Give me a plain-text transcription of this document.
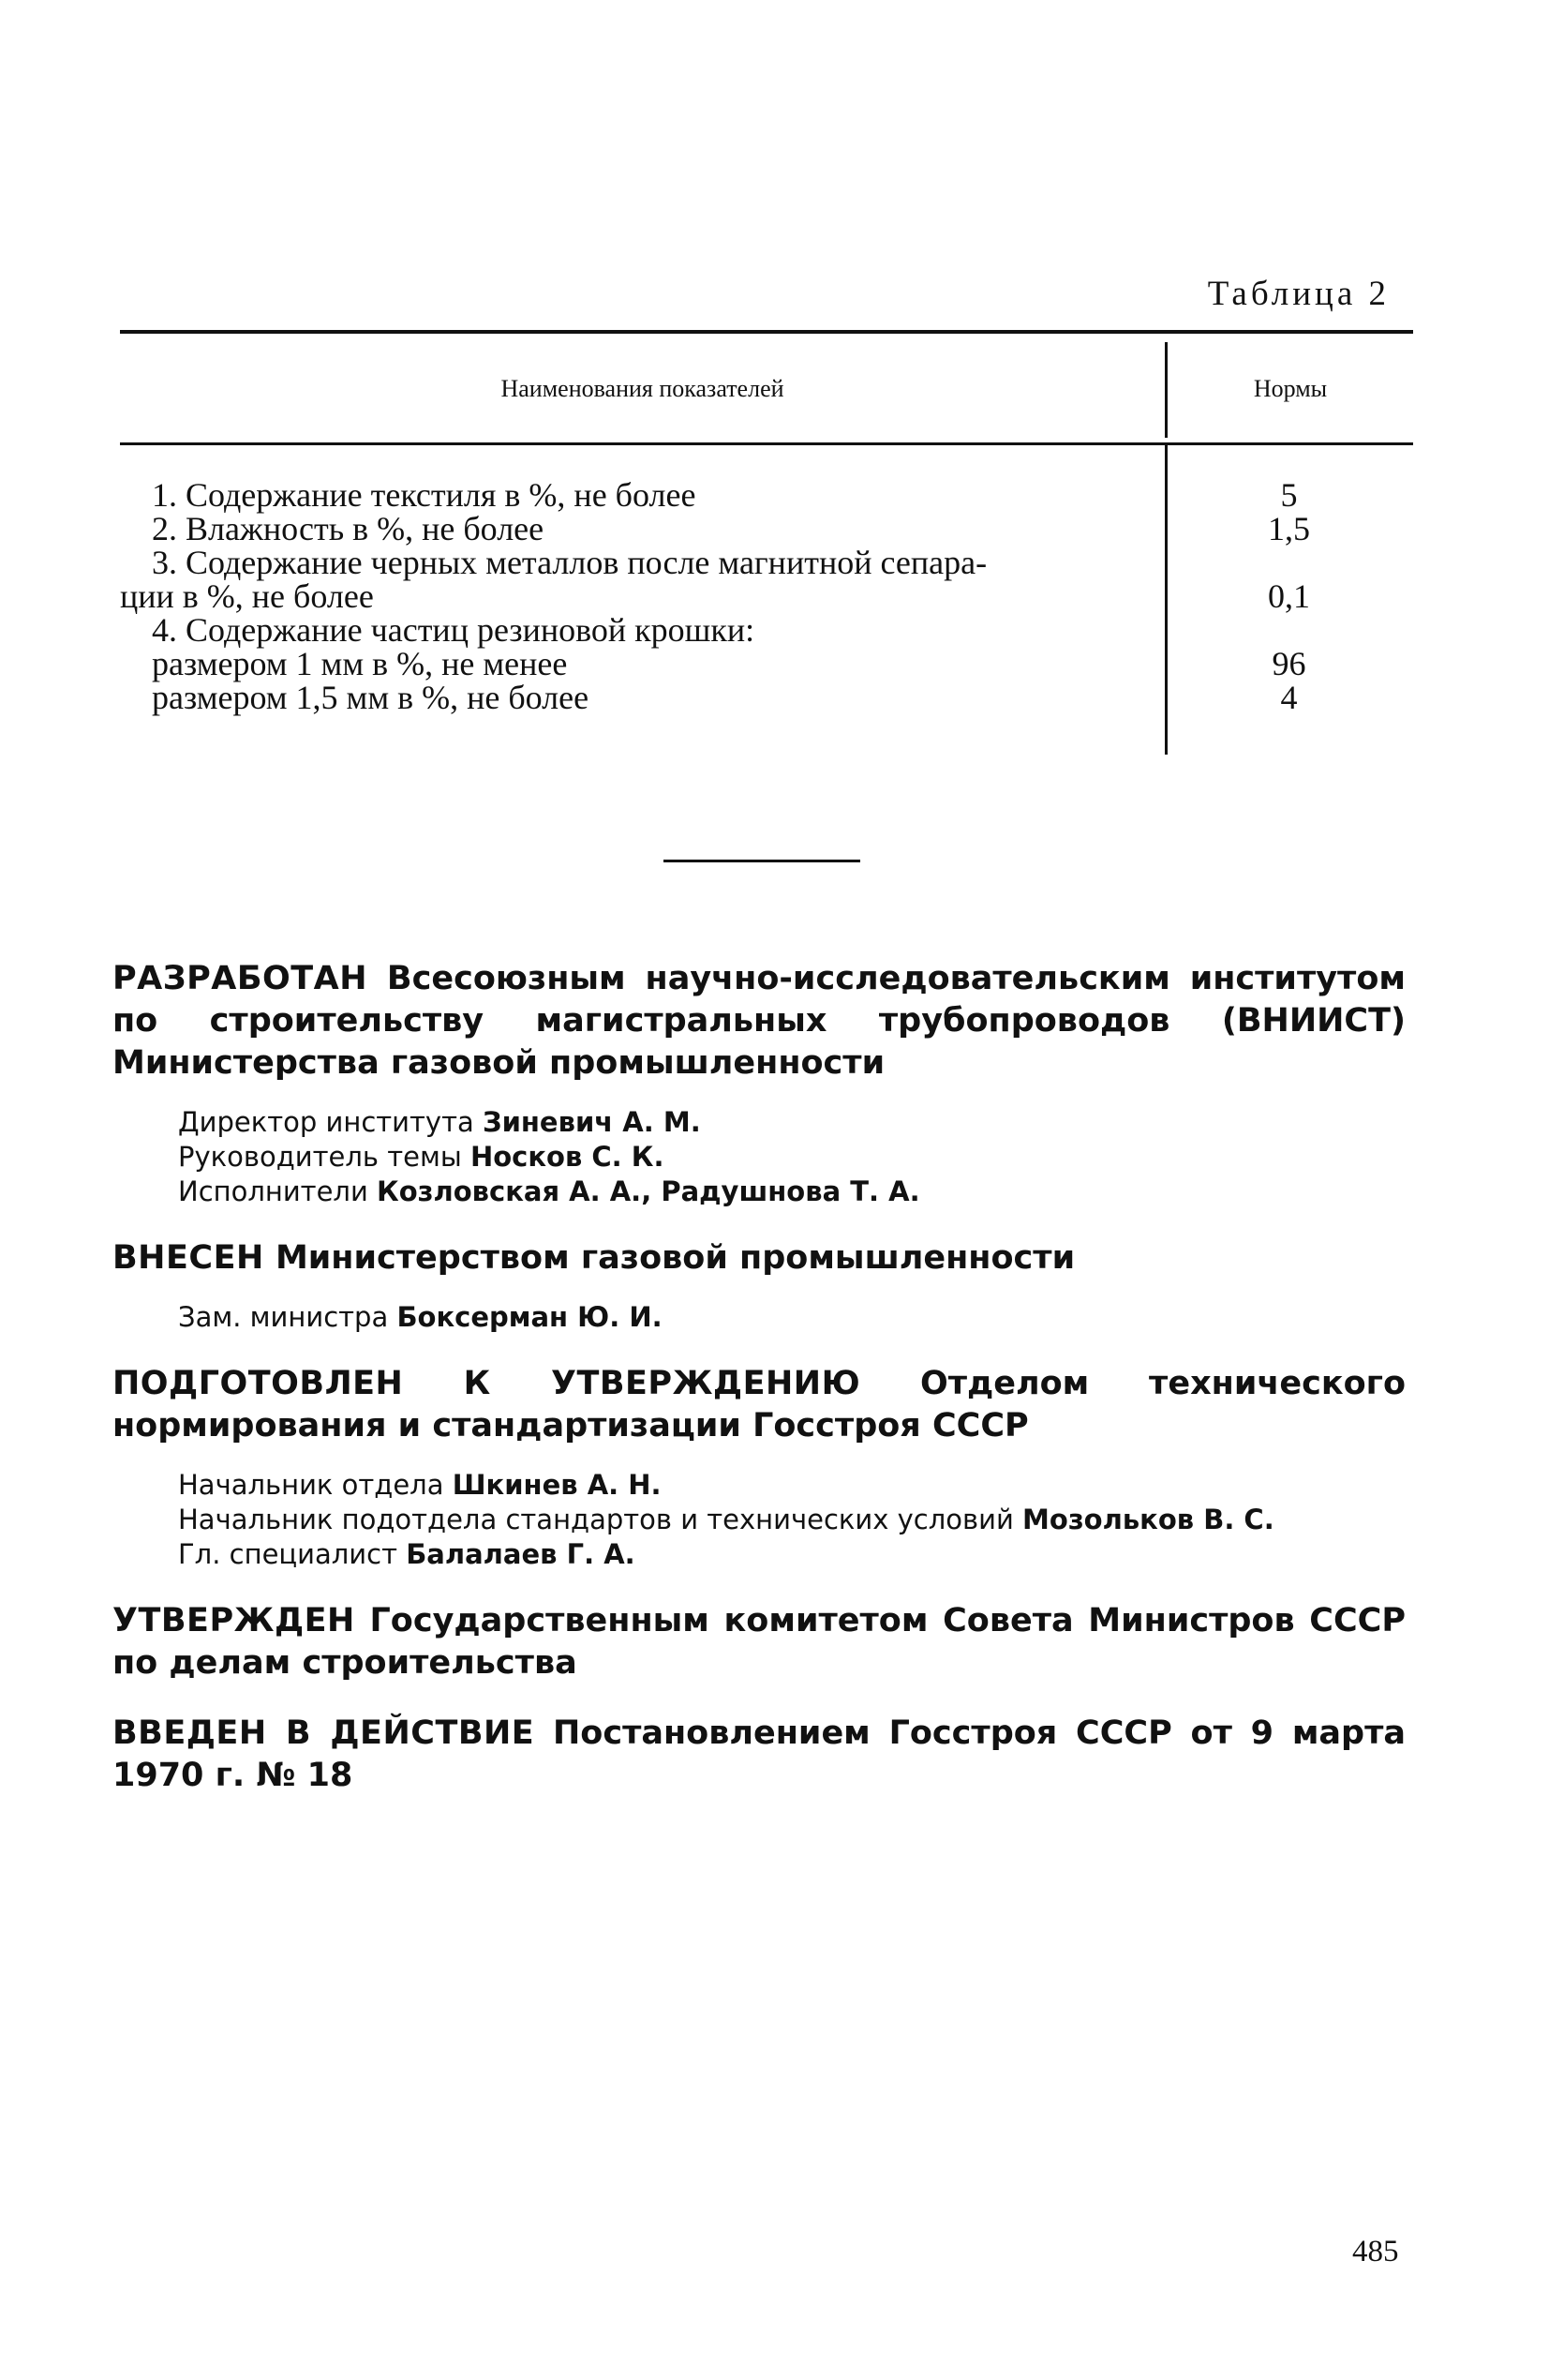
Таблица 2
Наименования показателей	Нормы
1. Содержание текстиля в %, не более	5
2. Влажность в %, не более	1,5
3. Содержание черных металлов после магнитной сепара-
ции в %, не более	0,1
4. Содержание частиц резиновой крошки:
размером 1 мм в %, не менее	96
размером 1,5 мм в %, не более	4
РАЗРАБОТАН Всесоюзным научно-исследовательским институтом по строительству магистральных трубопроводов (ВНИИСТ) Министерства газовой промышленности
Директор института Зиневич А. М.
Руководитель темы Носков С. К.
Исполнители Козловская А. А., Радушнова Т. А.
ВНЕСЕН Министерством газовой промышленности
Зам. министра Боксерман Ю. И.
ПОДГОТОВЛЕН К УТВЕРЖДЕНИЮ Отделом технического нормирования и стандартизации Госстроя СССР
Начальник отдела Шкинев А. Н.
Начальник подотдела стандартов и технических условий Мозольков В. С.
Гл. специалист Балалаев Г. А.
УТВЕРЖДЕН Государственным комитетом Совета Министров СССР по делам строительства
ВВЕДЕН В ДЕЙСТВИЕ Постановлением Госстроя СССР от 9 марта 1970 г. № 18
485
